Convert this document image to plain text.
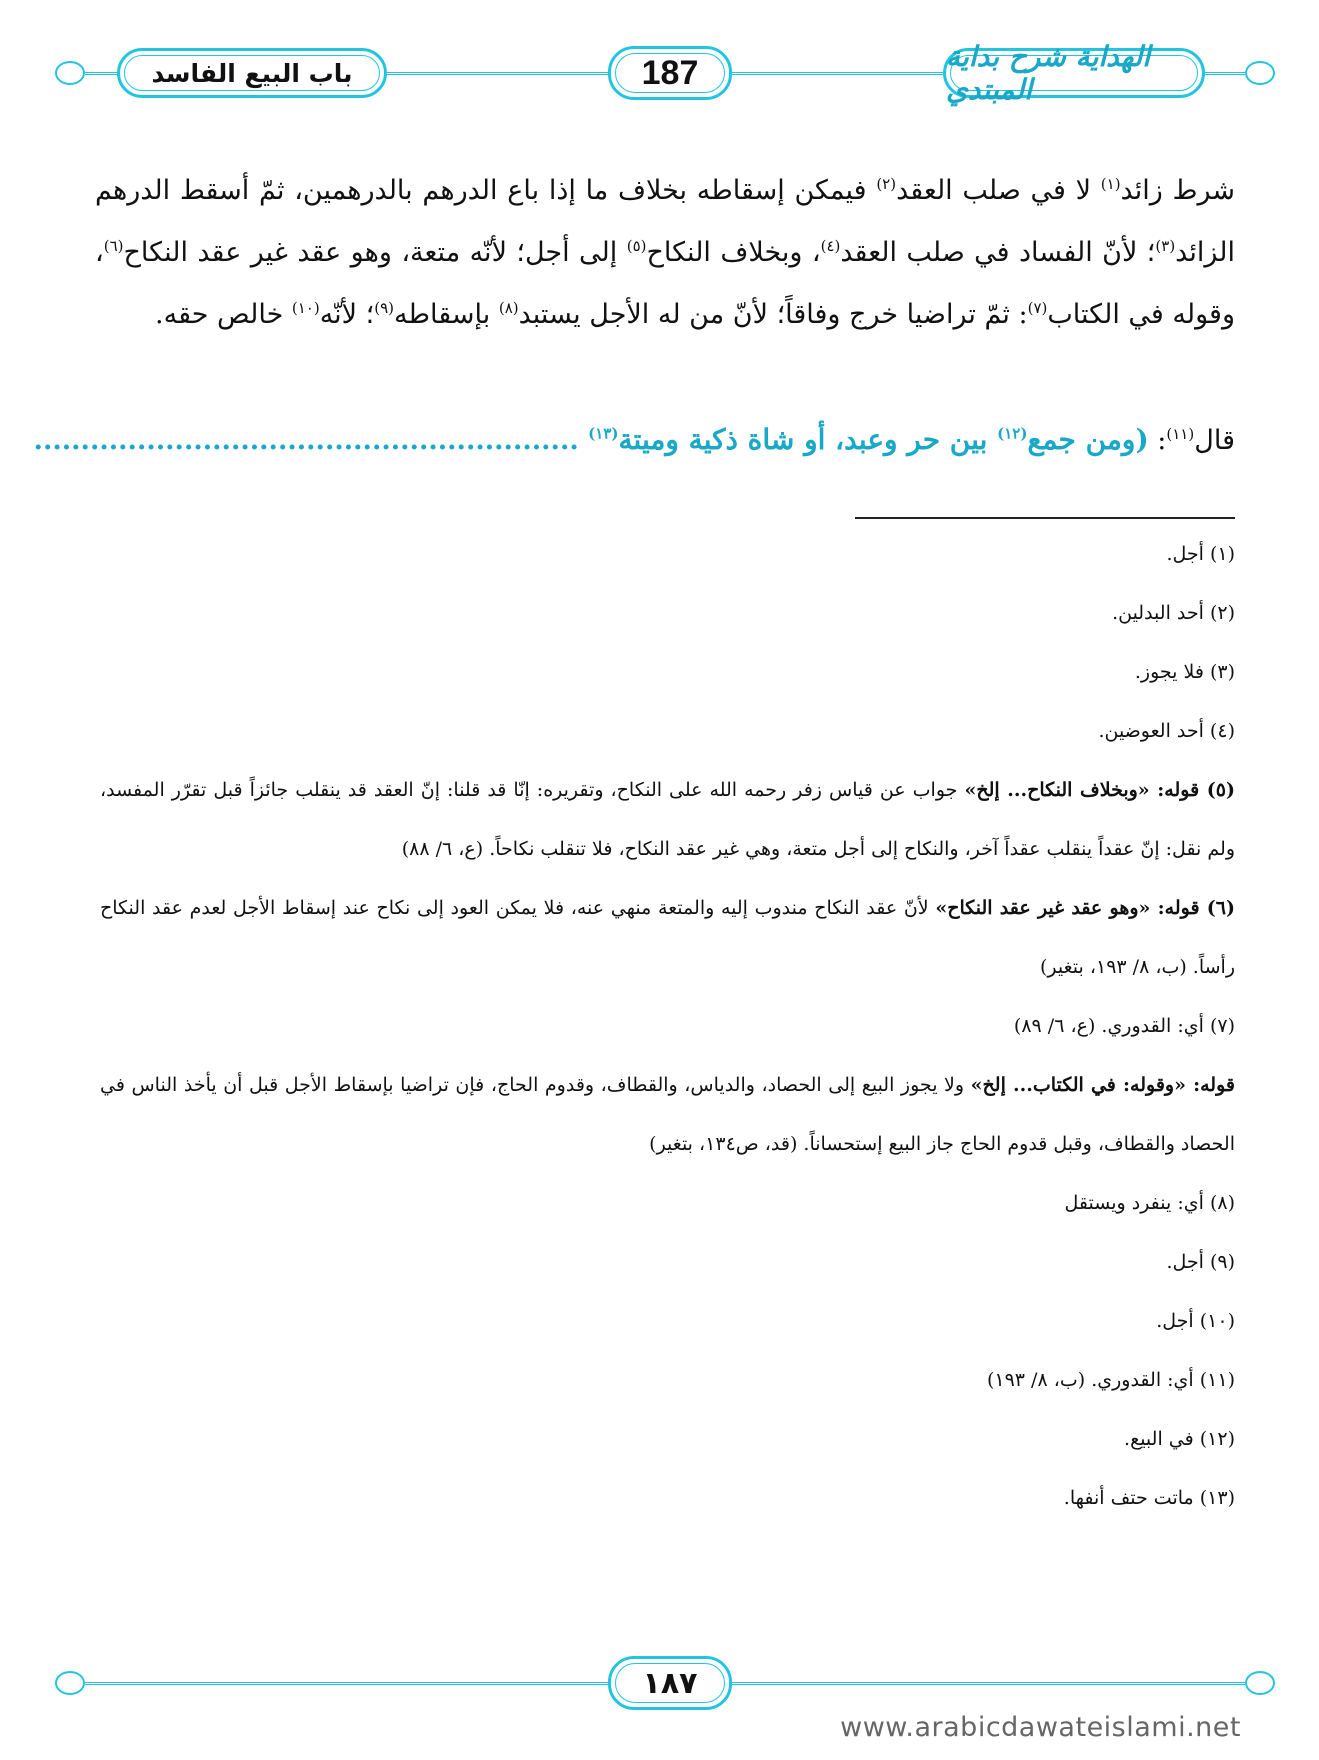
باب البيع الفاسد	187	الهداية شرح بداية المبتدي

شرط زائد$^{(١)}$ لا في صلب العقد$^{(٢)}$ فيمكن إسقاطه بخلاف ما إذا باع الدرهم بالدرهمين، ثمّ أسقط الدرهم الزائد$^{(٣)}$؛ لأنّ الفساد في صلب العقد$^{(٤)}$، وبخلاف النكاح$^{(٥)}$ إلى أجل؛ لأنّه متعة، وهو عقد غير عقد النكاح$^{(٦)}$، وقوله في الكتاب$^{(٧)}$: ثمّ تراضيا خرج وفاقاً؛ لأنّ من له الأجل يستبد$^{(٨)}$ بإسقاطه$^{(٩)}$؛ لأنّه$^{(١٠)}$ خالص حقه.

قال$^{(١١)}$: (ومن جمع$^{(١٢)}$ بين حر وعبد، أو شاة ذكية وميتة$^{(١٣)}$ ..........................................................

(١) أجل.

(٢) أحد البدلين.

(٣) فلا يجوز.

(٤) أحد العوضين.

(٥) قوله: «وبخلاف النكاح... إلخ» جواب عن قياس زفر رحمه الله على النكاح، وتقريره: إنّا قد قلنا: إنّ العقد قد ينقلب جائزاً قبل تقرّر المفسد، ولم نقل: إنّ عقداً ينقلب عقداً آخر، والنكاح إلى أجل متعة، وهي غير عقد النكاح، فلا تنقلب نكاحاً. (ع، ٦/ ٨٨)

(٦) قوله: «وهو عقد غير عقد النكاح» لأنّ عقد النكاح مندوب إليه والمتعة منهي عنه، فلا يمكن العود إلى نكاح عند إسقاط الأجل لعدم عقد النكاح رأساً. (ب، ٨/ ١٩٣، بتغير)

(٧) أي: القدوري. (ع، ٦/ ٨٩)

قوله: «وقوله: في الكتاب... إلخ» ولا يجوز البيع إلى الحصاد، والدياس، والقطاف، وقدوم الحاج، فإن تراضيا بإسقاط الأجل قبل أن يأخذ الناس في الحصاد والقطاف، وقبل قدوم الحاج جاز البيع إستحساناً. (قد، ص١٣٤، بتغير)

(٨) أي: ينفرد ويستقل

(٩) أجل.

(١٠) أجل.

(١١) أي: القدوري. (ب، ٨/ ١٩٣)

(١٢) في البيع.

(١٣) ماتت حتف أنفها.

١٨٧
www.arabicdawateislami.net
